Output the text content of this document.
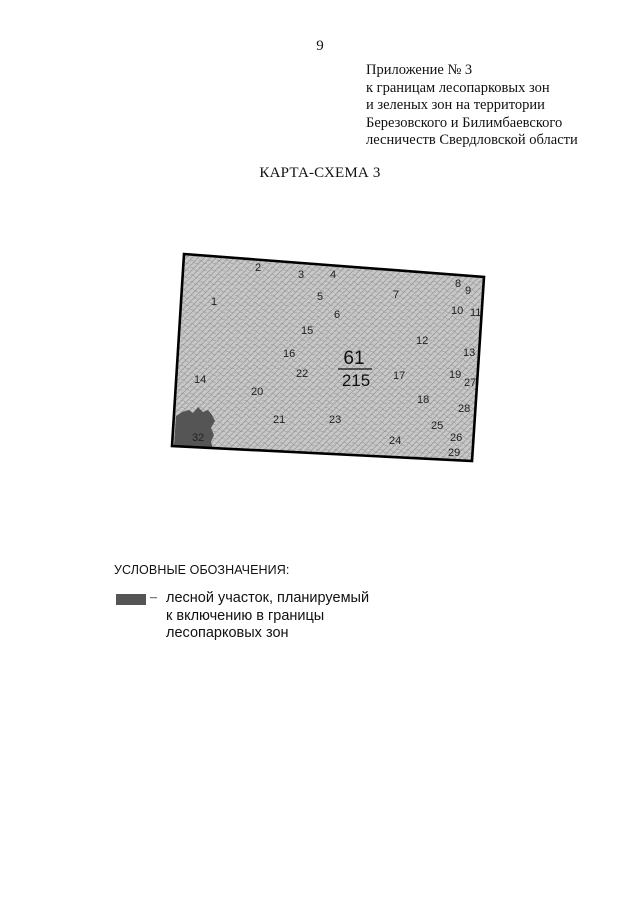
9
Приложение № 3
к границам лесопарковых зон
и зеленых зон на территории
Березовского и Билимбаевского
лесничеств Свердловской области
КАРТА-СХЕМА 3
1
2
3 4
5
6
7
8
9
10 11
12
13
14
15
16
17
18
19
20
21
22
23
24
25
26
27
28
29
32
61
215
УСЛОВНЫЕ ОБОЗНАЧЕНИЯ:
– лесной участок, планируемый
к включению в границы
лесопарковых зон
